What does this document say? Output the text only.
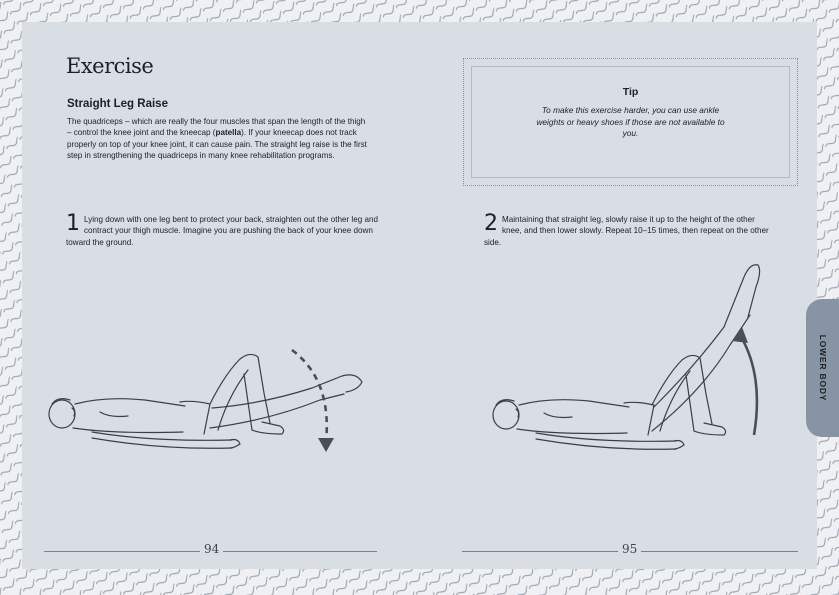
Exercise
Straight Leg Raise

The quadriceps – which are really the four muscles that span the length of the thigh – control the knee joint and the kneecap (patella). If your kneecap does not track properly on top of your knee joint, it can cause pain. The straight leg raise is the first step in strengthening the quadriceps in many knee rehabilitation programs.

1 Lying down with one leg bent to protect your back, straighten out the other leg and contract your thigh muscle. Imagine you are pushing the back of your knee down toward the ground.

94

Tip

To make this exercise harder, you can use ankle weights or heavy shoes if those are not available to you.

2 Maintaining that straight leg, slowly raise it up to the height of the other knee, and then lower slowly. Repeat 10–15 times, then repeat on the other side.

95
LOWER BODY
